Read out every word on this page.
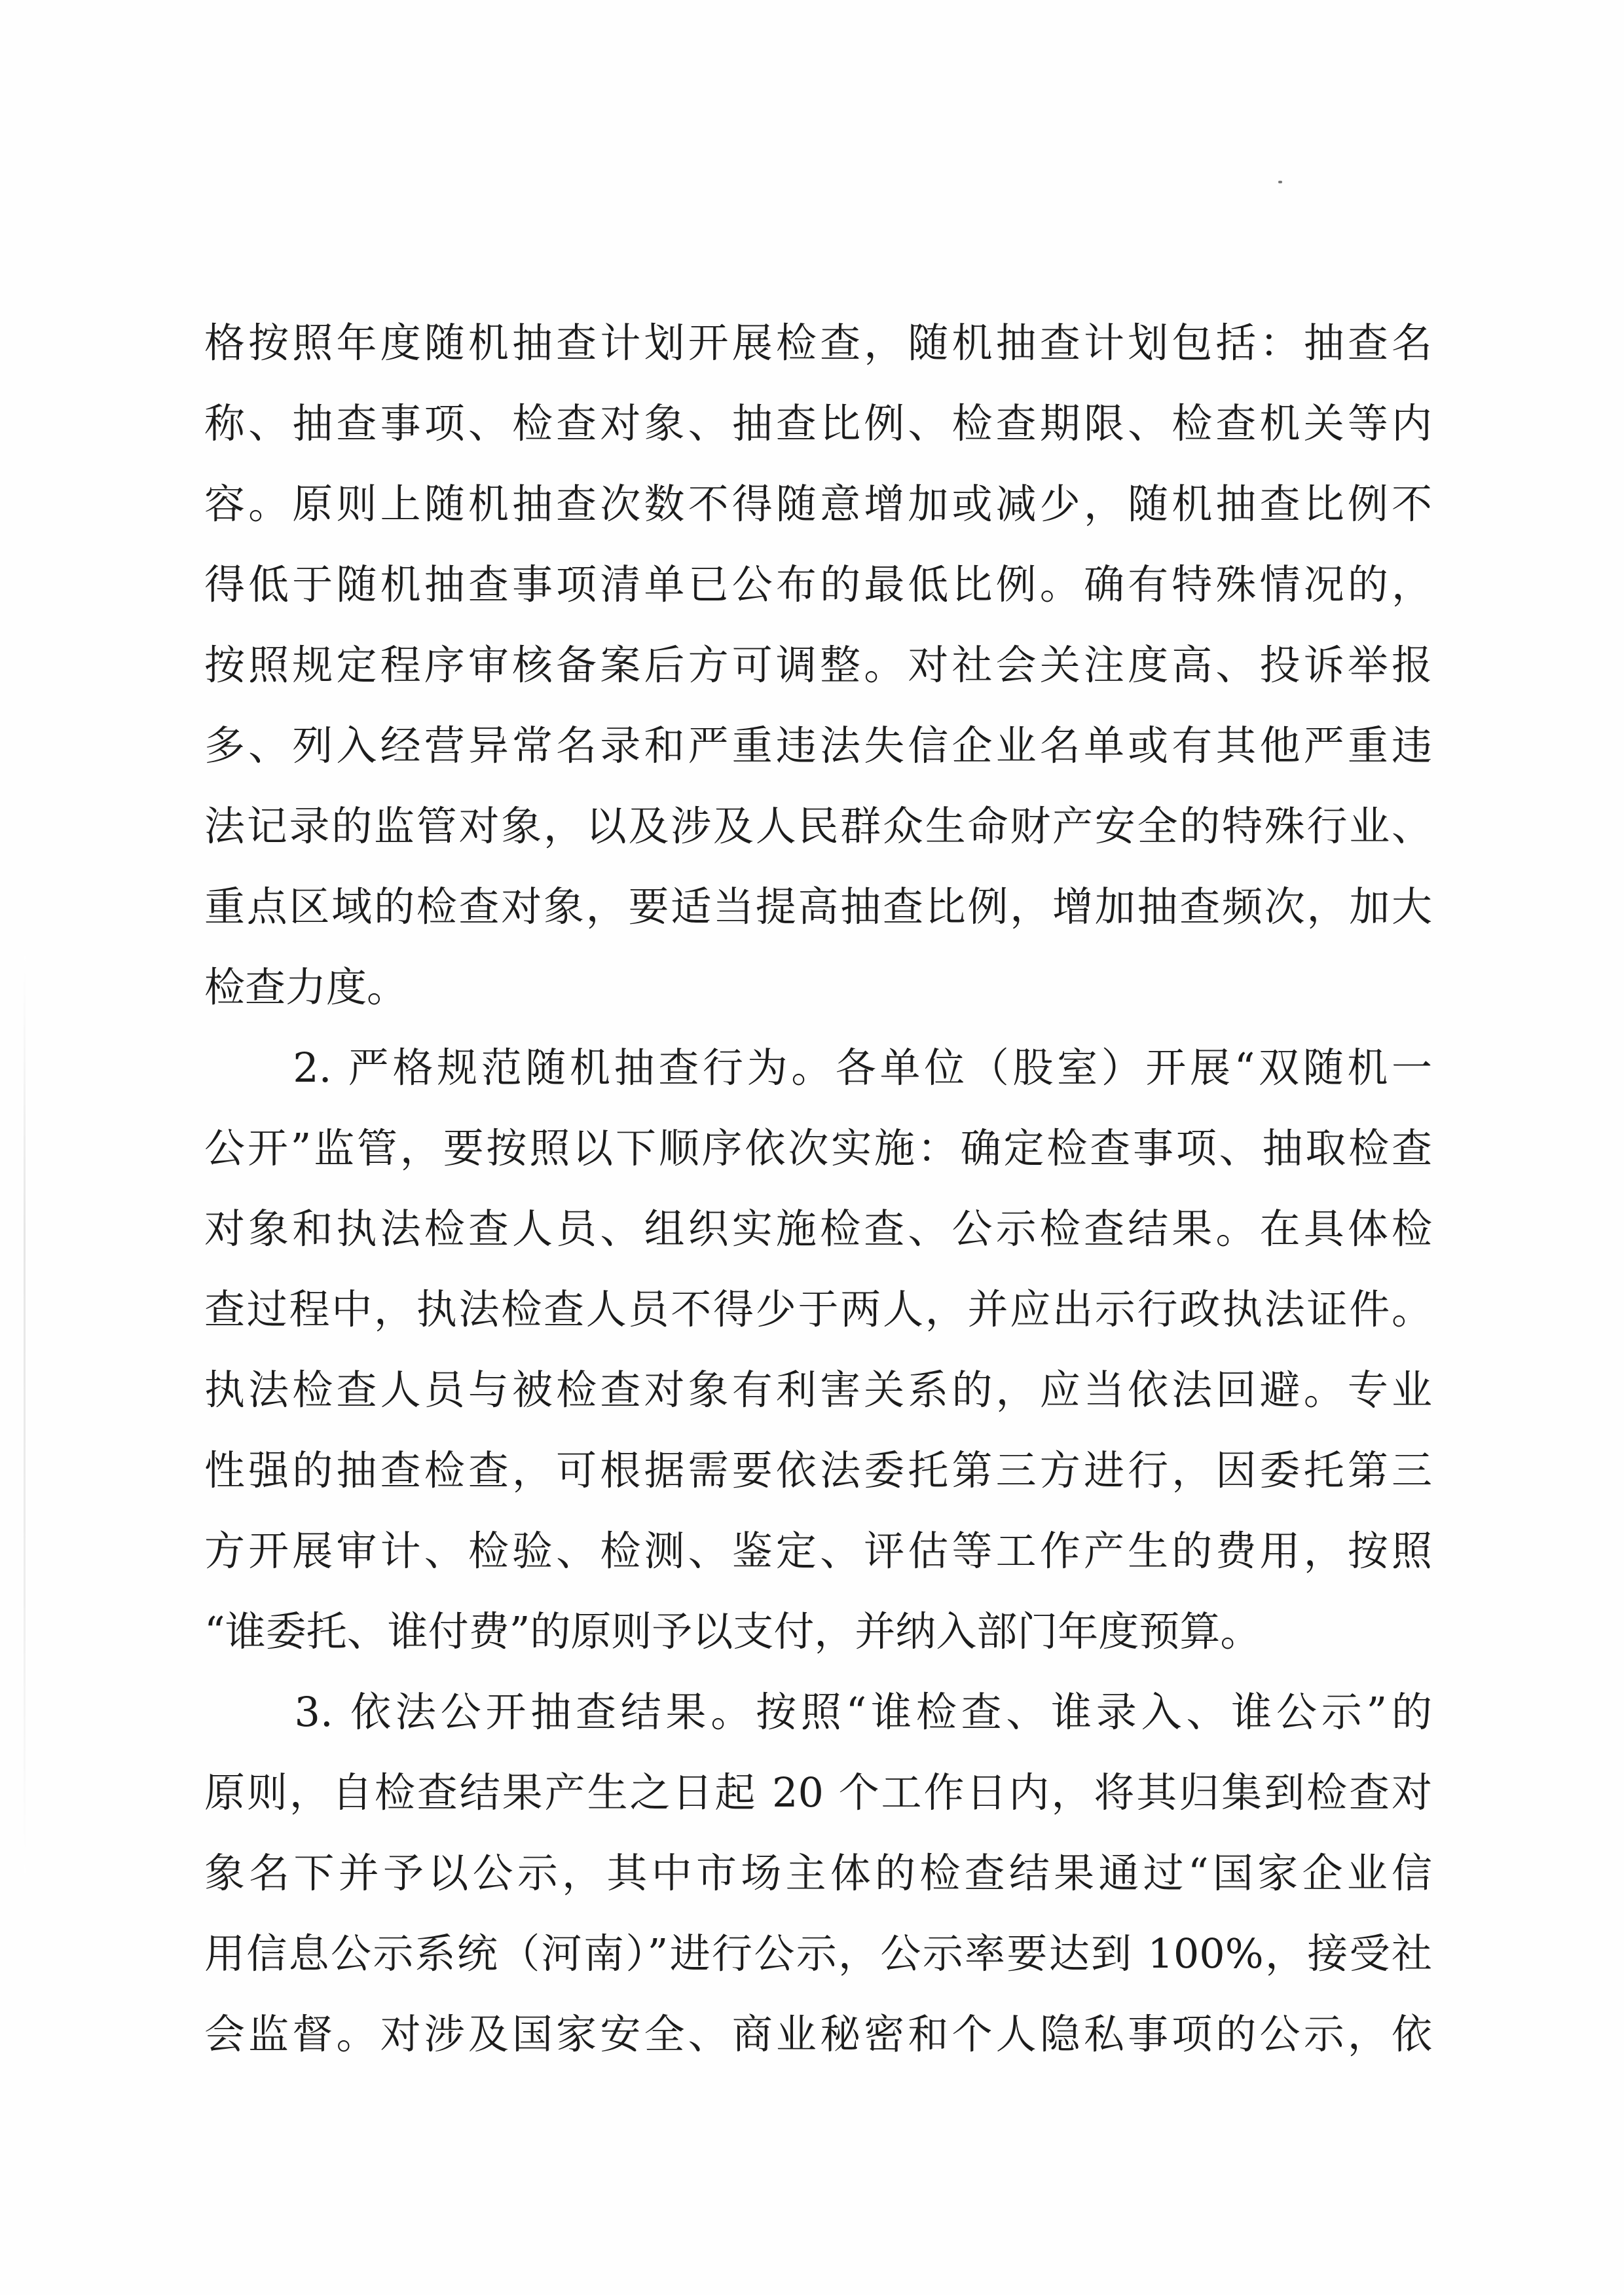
格按照年度随机抽查计划开展检查，随机抽查计划包括：抽查名
称、抽查事项、检查对象、抽查比例、检查期限、检查机关等内
容。原则上随机抽查次数不得随意增加或减少，随机抽查比例不
得低于随机抽查事项清单已公布的最低比例。确有特殊情况的，
按照规定程序审核备案后方可调整。对社会关注度高、投诉举报
多、列入经营异常名录和严重违法失信企业名单或有其他严重违
法记录的监管对象，以及涉及人民群众生命财产安全的特殊行业、
重点区域的检查对象，要适当提高抽查比例，增加抽查频次，加大
检查力度。
　　2. 严格规范随机抽查行为。各单位（股室）开展“双随机一
公开”监管，要按照以下顺序依次实施：确定检查事项、抽取检查
对象和执法检查人员、组织实施检查、公示检查结果。在具体检
查过程中，执法检查人员不得少于两人，并应出示行政执法证件。
执法检查人员与被检查对象有利害关系的，应当依法回避。专业
性强的抽查检查，可根据需要依法委托第三方进行，因委托第三
方开展审计、检验、检测、鉴定、评估等工作产生的费用，按照
“谁委托、谁付费”的原则予以支付，并纳入部门年度预算。
　　3. 依法公开抽查结果。按照“谁检查、谁录入、谁公示”的
原则，自检查结果产生之日起 20 个工作日内，将其归集到检查对
象名下并予以公示，其中市场主体的检查结果通过“国家企业信
用信息公示系统（河南）”进行公示，公示率要达到 100%，接受社
会监督。对涉及国家安全、商业秘密和个人隐私事项的公示，依
